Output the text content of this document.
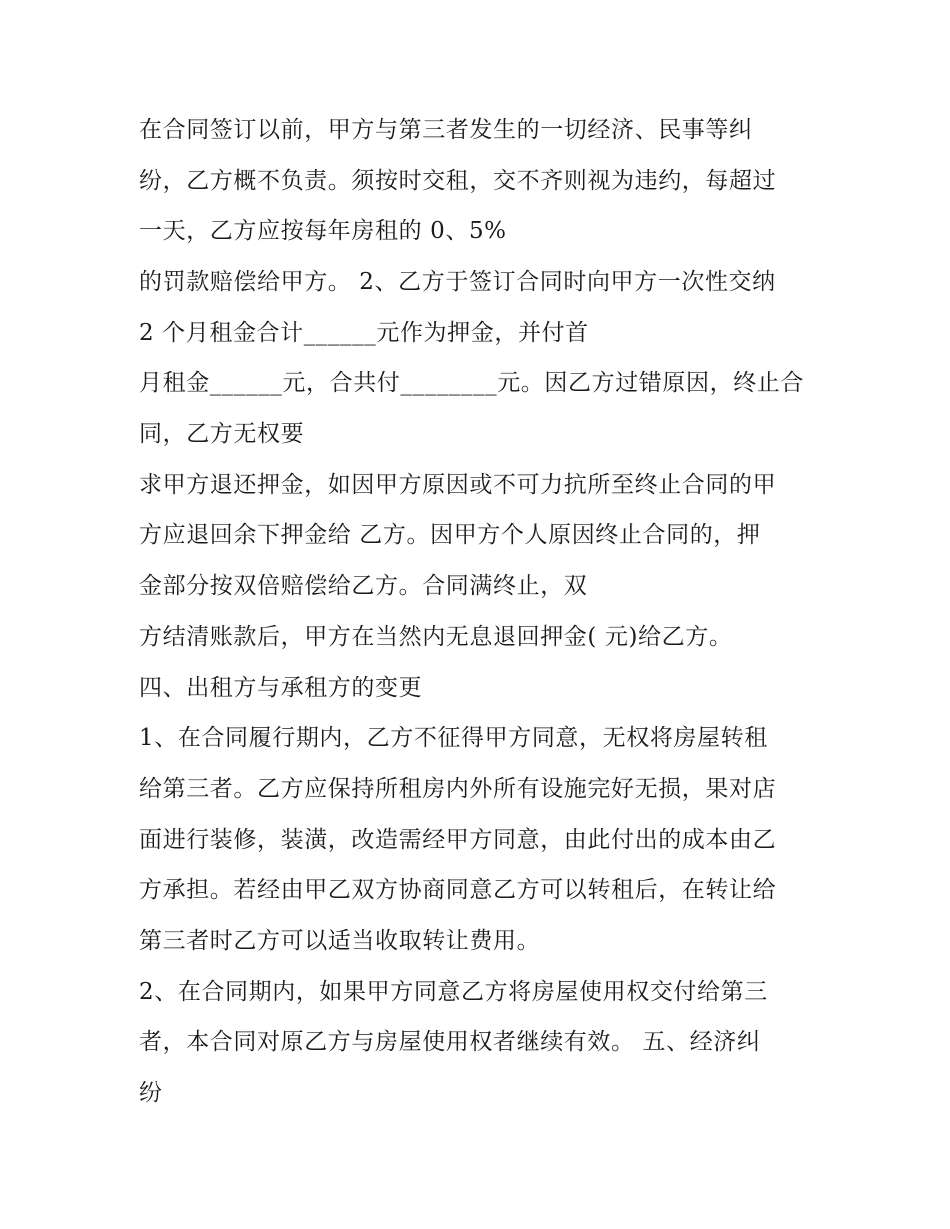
在合同签订以前，甲方与第三者发生的一切经济、民事等纠
纷，乙方概不负责。须按时交租，交不齐则视为违约，每超过
一天，乙方应按每年房租的 0、5%
的罚款赔偿给甲方。 2、乙方于签订合同时向甲方一次性交纳
2 个月租金合计______元作为押金，并付首
月租金______元，合共付________元。因乙方过错原因，终止合
同，乙方无权要
求甲方退还押金，如因甲方原因或不可力抗所至终止合同的甲
方应退回余下押金给 乙方。因甲方个人原因终止合同的，押
金部分按双倍赔偿给乙方。合同满终止，双
方结清账款后，甲方在当然内无息退回押金( 元)给乙方。
四、出租方与承租方的变更
1、在合同履行期内，乙方不征得甲方同意，无权将房屋转租
给第三者。乙方应保持所租房内外所有设施完好无损，果对店
面进行装修，装潢，改造需经甲方同意，由此付出的成本由乙
方承担。若经由甲乙双方协商同意乙方可以转租后，在转让给
第三者时乙方可以适当收取转让费用。
2、在合同期内，如果甲方同意乙方将房屋使用权交付给第三
者，本合同对原乙方与房屋使用权者继续有效。 五、经济纠
纷
